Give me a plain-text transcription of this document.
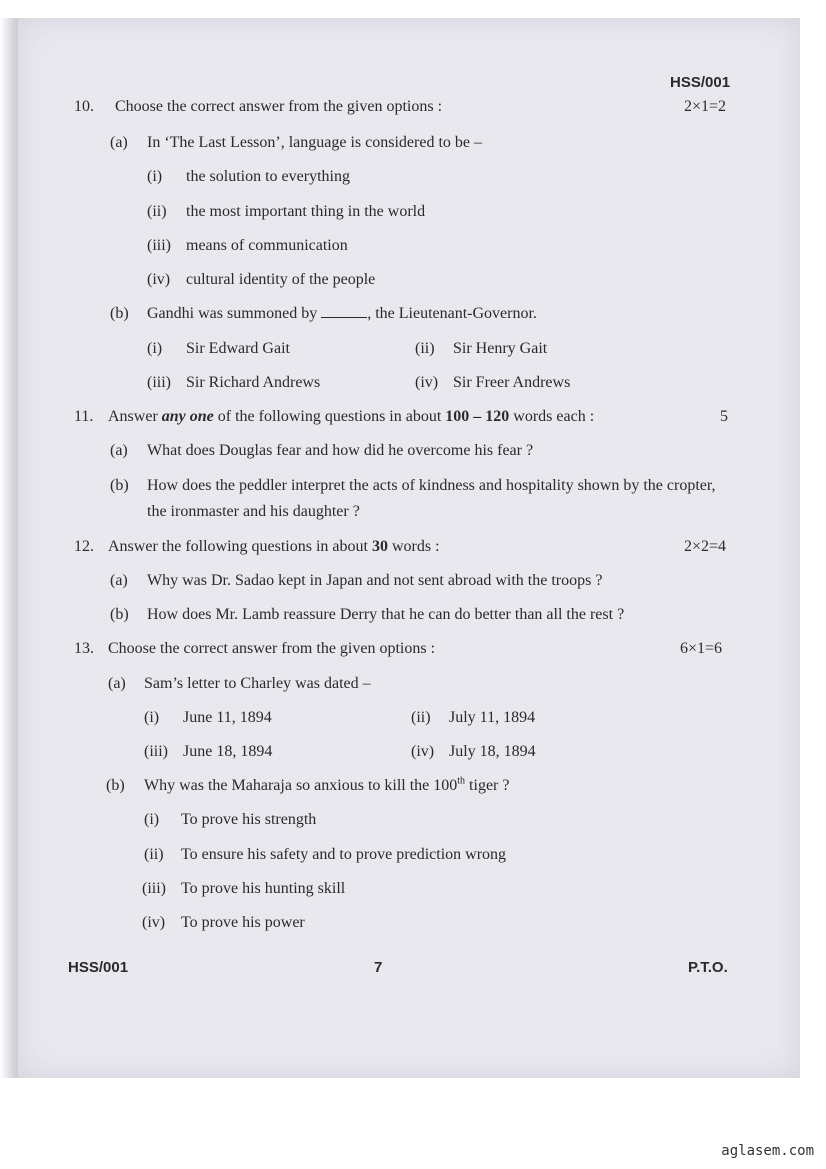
HSS/001
10. Choose the correct answer from the given options :	2×1=2
(a) In ‘The Last Lesson’, language is considered to be –
(i) the solution to everything
(ii) the most important thing in the world
(iii) means of communication
(iv) cultural identity of the people
(b) Gandhi was summoned by	, the Lieutenant-Governor.
(i) Sir Edward Gait	(ii) Sir Henry Gait
(iii) Sir Richard Andrews	(iv) Sir Freer Andrews
11. Answer any one of the following questions in about 100 – 120 words each :	5
(a) What does Douglas fear and how did he overcome his fear ?
(b) How does the peddler interpret the acts of kindness and hospitality shown by the cropter,
the ironmaster and his daughter ?
12. Answer the following questions in about 30 words :	2×2=4
(a) Why was Dr. Sadao kept in Japan and not sent abroad with the troops ?
(b) How does Mr. Lamb reassure Derry that he can do better than all the rest ?
13. Choose the correct answer from the given options :	6×1=6
(a) Sam’s letter to Charley was dated –
(i) June 11, 1894	(ii) July 11, 1894
(iii) June 18, 1894	(iv) July 18, 1894
(b) Why was the Maharaja so anxious to kill the 100th tiger ?
(i) To prove his strength
(ii) To ensure his safety and to prove prediction wrong
(iii) To prove his hunting skill
(iv) To prove his power
HSS/001	7	P.T.O.
aglasem.com
